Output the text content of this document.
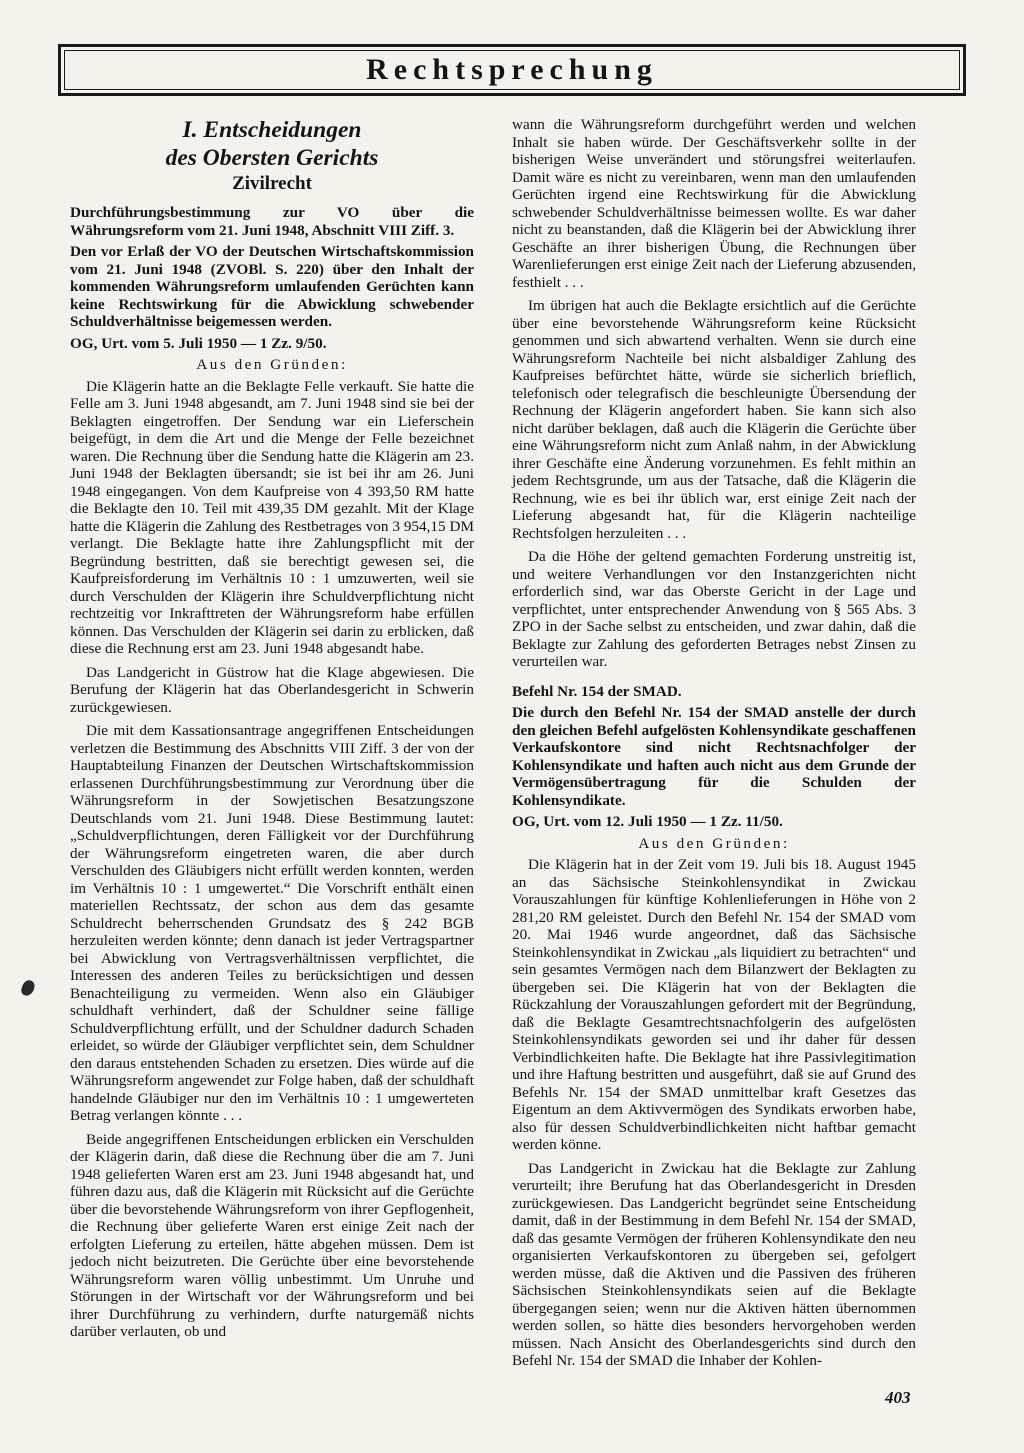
Rechtsprechung
I. Entscheidungen
des Obersten Gerichts
Zivilrecht
Durchführungsbestimmung zur VO über die Währungsreform vom 21. Juni 1948, Abschnitt VIII Ziff. 3.
Den vor Erlaß der VO der Deutschen Wirtschaftskommission vom 21. Juni 1948 (ZVOBl. S. 220) über den Inhalt der kommenden Währungsreform umlaufenden Gerüchten kann keine Rechtswirkung für die Abwicklung schwebender Schuldverhältnisse beigemessen werden.
OG, Urt. vom 5. Juli 1950 — 1 Zz. 9/50.
Aus den Gründen:

Die Klägerin hatte an die Beklagte Felle verkauft. Sie hatte die Felle am 3. Juni 1948 abgesandt, am 7. Juni 1948 sind sie bei der Beklagten eingetroffen. Der Sendung war ein Lieferschein beigefügt, in dem die Art und die Menge der Felle bezeichnet waren. Die Rechnung über die Sendung hatte die Klägerin am 23. Juni 1948 der Beklagten übersandt; sie ist bei ihr am 26. Juni 1948 eingegangen. Von dem Kaufpreise von 4 393,50 RM hatte die Beklagte den 10. Teil mit 439,35 DM gezahlt. Mit der Klage hatte die Klägerin die Zahlung des Restbetrages von 3 954,15 DM verlangt. Die Beklagte hatte ihre Zahlungspflicht mit der Begründung bestritten, daß sie berechtigt gewesen sei, die Kaufpreisforderung im Verhältnis 10 : 1 umzuwerten, weil sie durch Verschulden der Klägerin ihre Schuldverpflichtung nicht rechtzeitig vor Inkrafttreten der Währungsreform habe erfüllen können. Das Verschulden der Klägerin sei darin zu erblicken, daß diese die Rechnung erst am 23. Juni 1948 abgesandt habe.

Das Landgericht in Güstrow hat die Klage abgewiesen. Die Berufung der Klägerin hat das Oberlandesgericht in Schwerin zurückgewiesen.

Die mit dem Kassationsantrage angegriffenen Entscheidungen verletzen die Bestimmung des Abschnitts VIII Ziff. 3 der von der Hauptabteilung Finanzen der Deutschen Wirtschaftskommission erlassenen Durchführungsbestimmung zur Verordnung über die Währungsreform in der Sowjetischen Besatzungszone Deutschlands vom 21. Juni 1948. Diese Bestimmung lautet: „Schuldverpflichtungen, deren Fälligkeit vor der Durchführung der Währungsreform eingetreten waren, die aber durch Verschulden des Gläubigers nicht erfüllt werden konnten, werden im Verhältnis 10 : 1 umgewertet.“ Die Vorschrift enthält einen materiellen Rechtssatz, der schon aus dem das gesamte Schuldrecht beherrschenden Grundsatz des § 242 BGB herzuleiten werden könnte; denn danach ist jeder Vertragspartner bei Abwicklung von Vertragsverhältnissen verpflichtet, die Interessen des anderen Teiles zu berücksichtigen und dessen Benachteiligung zu vermeiden. Wenn also ein Gläubiger schuldhaft verhindert, daß der Schuldner seine fällige Schuldverpflichtung erfüllt, und der Schuldner dadurch Schaden erleidet, so würde der Gläubiger verpflichtet sein, dem Schuldner den daraus entstehenden Schaden zu ersetzen. Dies würde auf die Währungsreform angewendet zur Folge haben, daß der schuldhaft handelnde Gläubiger nur den im Verhältnis 10 : 1 umgewerteten Betrag verlangen könnte . . .

Beide angegriffenen Entscheidungen erblicken ein Verschulden der Klägerin darin, daß diese die Rechnung über die am 7. Juni 1948 gelieferten Waren erst am 23. Juni 1948 abgesandt hat, und führen dazu aus, daß die Klägerin mit Rücksicht auf die Gerüchte über die bevorstehende Währungsreform von ihrer Gepflogenheit, die Rechnung über gelieferte Waren erst einige Zeit nach der erfolgten Lieferung zu erteilen, hätte abgehen müssen. Dem ist jedoch nicht beizutreten. Die Gerüchte über eine bevorstehende Währungsreform waren völlig unbestimmt. Um Unruhe und Störungen in der Wirtschaft vor der Währungsreform und bei ihrer Durchführung zu verhindern, durfte naturgemäß nichts darüber verlauten, ob und

wann die Währungsreform durchgeführt werden und welchen Inhalt sie haben würde. Der Geschäftsverkehr sollte in der bisherigen Weise unverändert und störungsfrei weiterlaufen. Damit wäre es nicht zu vereinbaren, wenn man den umlaufenden Gerüchten irgend eine Rechtswirkung für die Abwicklung schwebender Schuldverhältnisse beimessen wollte. Es war daher nicht zu beanstanden, daß die Klägerin bei der Abwicklung ihrer Geschäfte an ihrer bisherigen Übung, die Rechnungen über Warenlieferungen erst einige Zeit nach der Lieferung abzusenden, festhielt . . .

Im übrigen hat auch die Beklagte ersichtlich auf die Gerüchte über eine bevorstehende Währungsreform keine Rücksicht genommen und sich abwartend verhalten. Wenn sie durch eine Währungsreform Nachteile bei nicht alsbaldiger Zahlung des Kaufpreises befürchtet hätte, würde sie sicherlich brieflich, telefonisch oder telegrafisch die beschleunigte Übersendung der Rechnung der Klägerin angefordert haben. Sie kann sich also nicht darüber beklagen, daß auch die Klägerin die Gerüchte über eine Währungsreform nicht zum Anlaß nahm, in der Abwicklung ihrer Geschäfte eine Änderung vorzunehmen. Es fehlt mithin an jedem Rechtsgrunde, um aus der Tatsache, daß die Klägerin die Rechnung, wie es bei ihr üblich war, erst einige Zeit nach der Lieferung abgesandt hat, für die Klägerin nachteilige Rechtsfolgen herzuleiten . . .

Da die Höhe der geltend gemachten Forderung unstreitig ist, und weitere Verhandlungen vor den Instanzgerichten nicht erforderlich sind, war das Oberste Gericht in der Lage und verpflichtet, unter entsprechender Anwendung von § 565 Abs. 3 ZPO in der Sache selbst zu entscheiden, und zwar dahin, daß die Beklagte zur Zahlung des geforderten Betrages nebst Zinsen zu verurteilen war.

Befehl Nr. 154 der SMAD.
Die durch den Befehl Nr. 154 der SMAD anstelle der durch den gleichen Befehl aufgelösten Kohlensyndikate geschaffenen Verkaufskontore sind nicht Rechtsnachfolger der Kohlensyndikate und haften auch nicht aus dem Grunde der Vermögensübertragung für die Schulden der Kohlensyndikate.
OG, Urt. vom 12. Juli 1950 — 1 Zz. 11/50.
Aus den Gründen:

Die Klägerin hat in der Zeit vom 19. Juli bis 18. August 1945 an das Sächsische Steinkohlensyndikat in Zwickau Vorauszahlungen für künftige Kohlenlieferungen in Höhe von 2 281,20 RM geleistet. Durch den Befehl Nr. 154 der SMAD vom 20. Mai 1946 wurde angeordnet, daß das Sächsische Steinkohlensyndikat in Zwickau „als liquidiert zu betrachten“ und sein gesamtes Vermögen nach dem Bilanzwert der Beklagten zu übergeben sei. Die Klägerin hat von der Beklagten die Rückzahlung der Vorauszahlungen gefordert mit der Begründung, daß die Beklagte Gesamtrechtsnachfolgerin des aufgelösten Steinkohlensyndikats geworden sei und ihr daher für dessen Verbindlichkeiten hafte. Die Beklagte hat ihre Passivlegitimation und ihre Haftung bestritten und ausgeführt, daß sie auf Grund des Befehls Nr. 154 der SMAD unmittelbar kraft Gesetzes das Eigentum an dem Aktivvermögen des Syndikats erworben habe, also für dessen Schuldverbindlichkeiten nicht haftbar gemacht werden könne.

Das Landgericht in Zwickau hat die Beklagte zur Zahlung verurteilt; ihre Berufung hat das Oberlandesgericht in Dresden zurückgewiesen. Das Landgericht begründet seine Entscheidung damit, daß in der Bestimmung in dem Befehl Nr. 154 der SMAD, daß das gesamte Vermögen der früheren Kohlensyndikate den neu organisierten Verkaufskontoren zu übergeben sei, gefolgert werden müsse, daß die Aktiven und die Passiven des früheren Sächsischen Steinkohlensyndikats seien auf die Beklagte übergegangen seien; wenn nur die Aktiven hätten übernommen werden sollen, so hätte dies besonders hervorgehoben werden müssen. Nach Ansicht des Oberlandesgerichts sind durch den Befehl Nr. 154 der SMAD die Inhaber der Kohlen-

403
